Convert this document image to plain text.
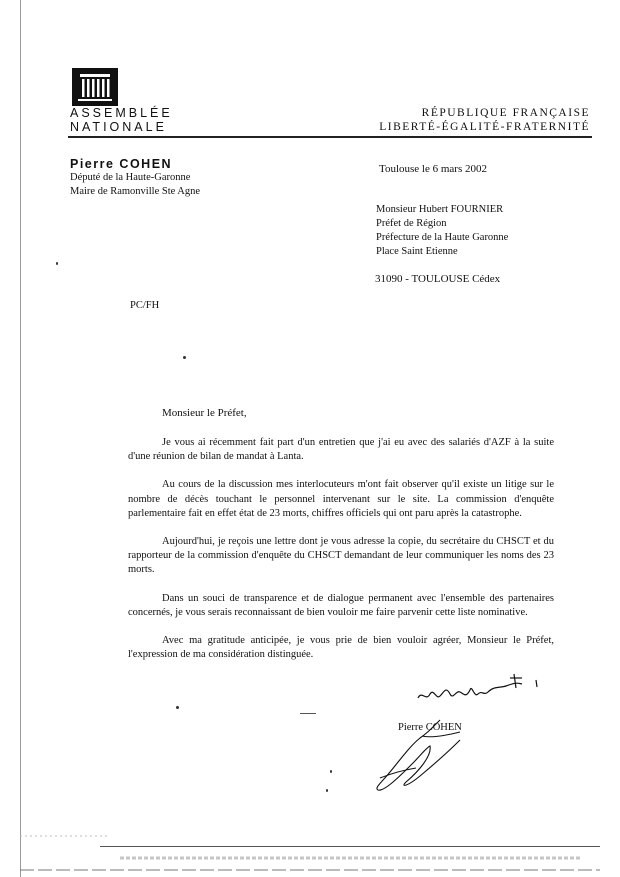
ASSEMBLÉE
NATIONALE
RÉPUBLIQUE FRANÇAISE
LIBERTÉ-ÉGALITÉ-FRATERNITÉ
Pierre COHEN
Député de la Haute-Garonne
Maire de Ramonville Ste Agne
Toulouse le 6 mars 2002
Monsieur Hubert FOURNIER
Préfet de Région
Préfecture de la Haute Garonne
Place Saint Etienne
31090 - TOULOUSE Cédex
PC/FH
Monsieur le Préfet,

Je vous ai récemment fait part d'un entretien que j'ai eu avec des salariés d'AZF à la suite d'une réunion de bilan de mandat à Lanta.

Au cours de la discussion mes interlocuteurs m'ont fait observer qu'il existe un litige sur le nombre de décès touchant le personnel intervenant sur le site. La commission d'enquête parlementaire fait en effet état de 23 morts, chiffres officiels qui ont paru après la catastrophe.

Aujourd'hui, je reçois une lettre dont je vous adresse la copie, du secrétaire du CHSCT et du rapporteur de la commission d'enquête du CHSCT demandant de leur communiquer les noms des 23 morts.

Dans un souci de transparence et de dialogue permanent avec l'ensemble des partenaires concernés, je vous serais reconnaissant de bien vouloir me faire parvenir cette liste nominative.

Avec ma gratitude anticipée, je vous prie de bien vouloir agréer, Monsieur le Préfet, l'expression de ma considération distinguée.

Pierre COHEN
